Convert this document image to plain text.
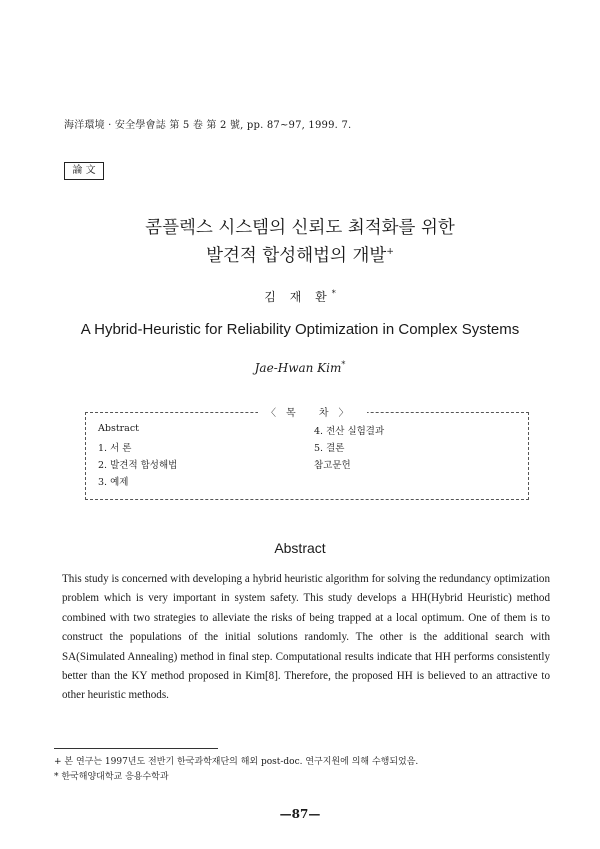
海洋環境 · 安全學會誌 第 5 卷 第 2 號, pp. 87~97, 1999. 7.
論 文
콤플렉스 시스템의 신뢰도 최적화를 위한
발견적 합성해법의 개발+
김 재 환*
A Hybrid-Heuristic for Reliability Optimization in Complex Systems
Jae-Hwan Kim*
〈목 차〉
Abstract
1. 서 론
2. 발견적 합성해법
3. 예제
4. 전산 실험결과
5. 결론
참고문헌
Abstract
This study is concerned with developing a hybrid heuristic algorithm for solving the redundancy optimization problem which is very important in system safety. This study develops a HH(Hybrid Heuristic) method combined with two strategies to alleviate the risks of being trapped at a local optimum. One of them is to construct the populations of the initial solutions randomly. The other is the additional search with SA(Simulated Annealing) method in final step. Computational results indicate that HH performs consistently better than the KY method proposed in Kim[8]. Therefore, the proposed HH is believed to an attractive to other heuristic methods.
+ 본 연구는 1997년도 전반기 한국과학재단의 해외 post-doc. 연구지원에 의해 수행되었음.
* 한국해양대학교 응용수학과
—87—
